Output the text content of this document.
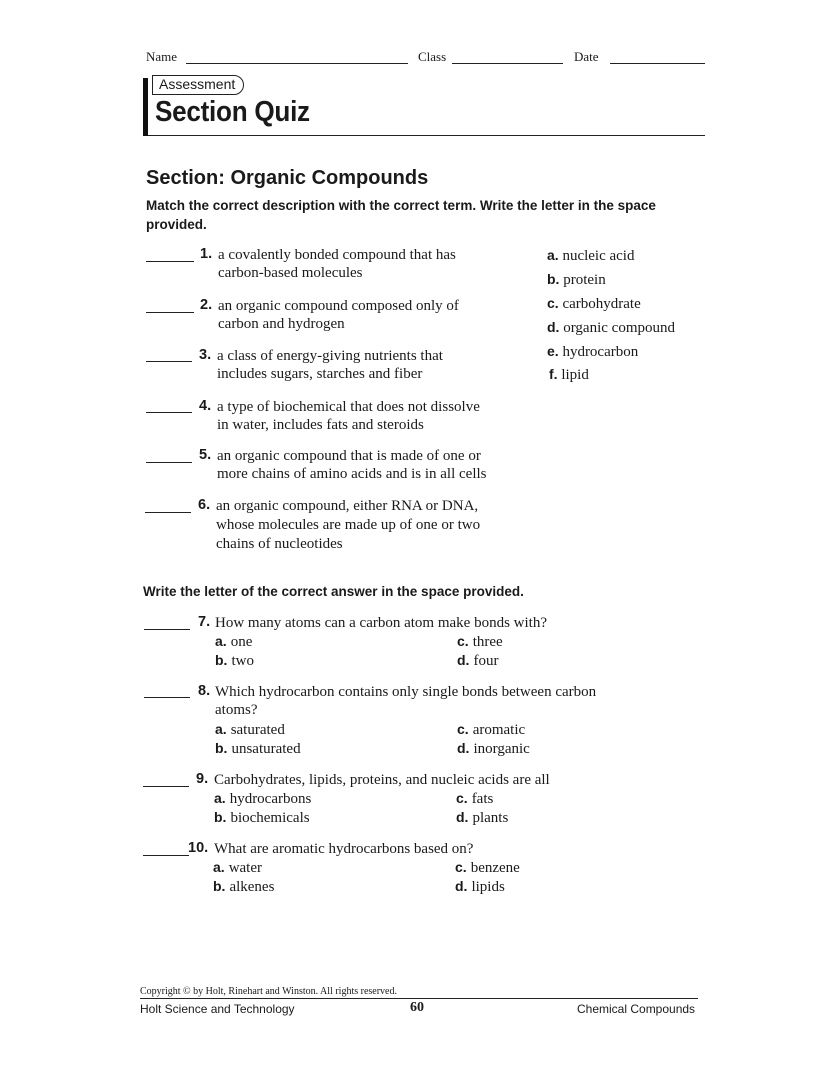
Name	Class	Date
Assessment
Section Quiz
Section: Organic Compounds
Match the correct description with the correct term. Write the letter in the space provided.
1. a covalently bonded compound that has
carbon-based molecules
2. an organic compound composed only of
carbon and hydrogen
3. a class of energy-giving nutrients that
includes sugars, starches and fiber
4. a type of biochemical that does not dissolve
in water, includes fats and steroids
5. an organic compound that is made of one or
more chains of amino acids and is in all cells
6. an organic compound, either RNA or DNA,
whose molecules are made up of one or two
chains of nucleotides
a. nucleic acid
b. protein
c. carbohydrate
d. organic compound
e. hydrocarbon
f. lipid
Write the letter of the correct answer in the space provided.
7. How many atoms can a carbon atom make bonds with?
a. one
b. two
c. three
d. four
8. Which hydrocarbon contains only single bonds between carbon
atoms?
a. saturated
b. unsaturated
c. aromatic
d. inorganic
9. Carbohydrates, lipids, proteins, and nucleic acids are all
a. hydrocarbons
b. biochemicals
c. fats
d. plants
10. What are aromatic hydrocarbons based on?
a. water
b. alkenes
c. benzene
d. lipids
Copyright © by Holt, Rinehart and Winston. All rights reserved.
Holt Science and Technology	60	Chemical Compounds
